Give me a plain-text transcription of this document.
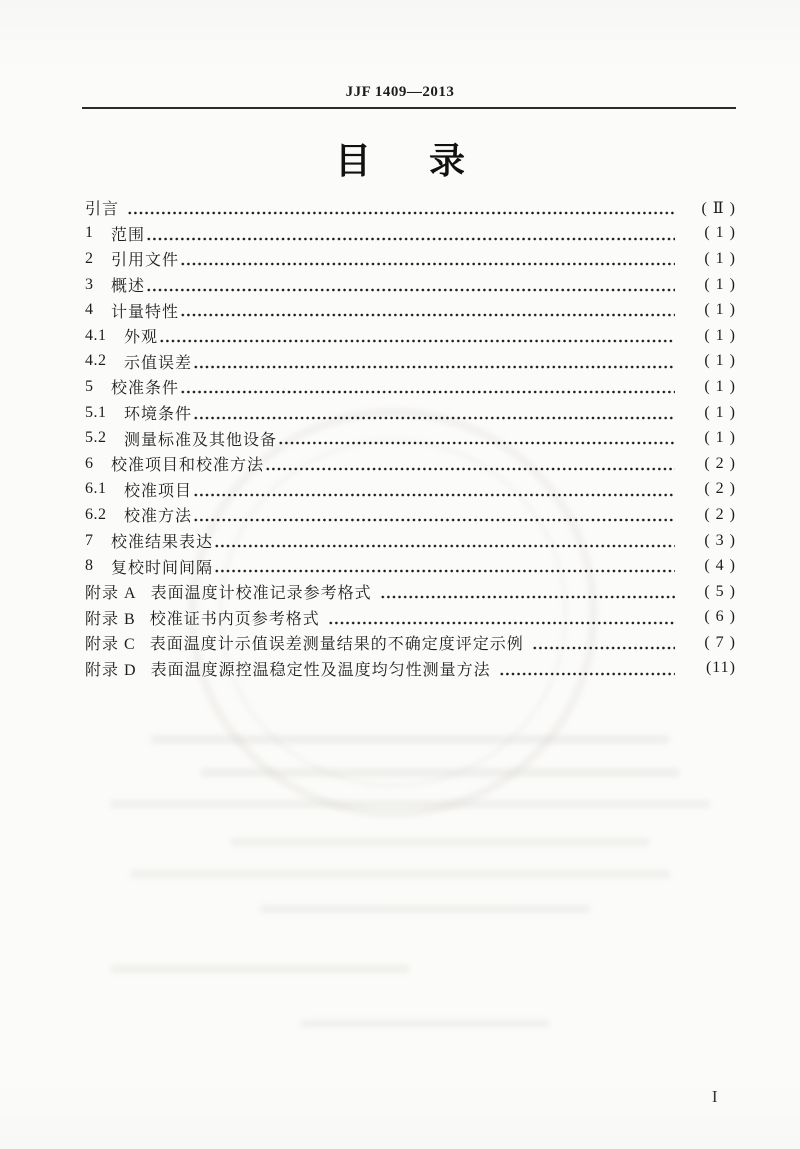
JJF 1409—2013
目录
引言	( Ⅱ )
1	范围	( 1 )
2	引用文件	( 1 )
3	概述	( 1 )
4	计量特性	( 1 )
4.1	外观	( 1 )
4.2	示值误差	( 1 )
5	校准条件	( 1 )
5.1	环境条件	( 1 )
5.2	测量标准及其他设备	( 1 )
6	校准项目和校准方法	( 2 )
6.1	校准项目	( 2 )
6.2	校准方法	( 2 )
7	校准结果表达	( 3 )
8	复校时间间隔	( 4 )
附录 A 表面温度计校准记录参考格式	( 5 )
附录 B 校准证书内页参考格式	( 6 )
附录 C 表面温度计示值误差测量结果的不确定度评定示例	( 7 )
附录 D 表面温度源控温稳定性及温度均匀性测量方法	(11)
I
